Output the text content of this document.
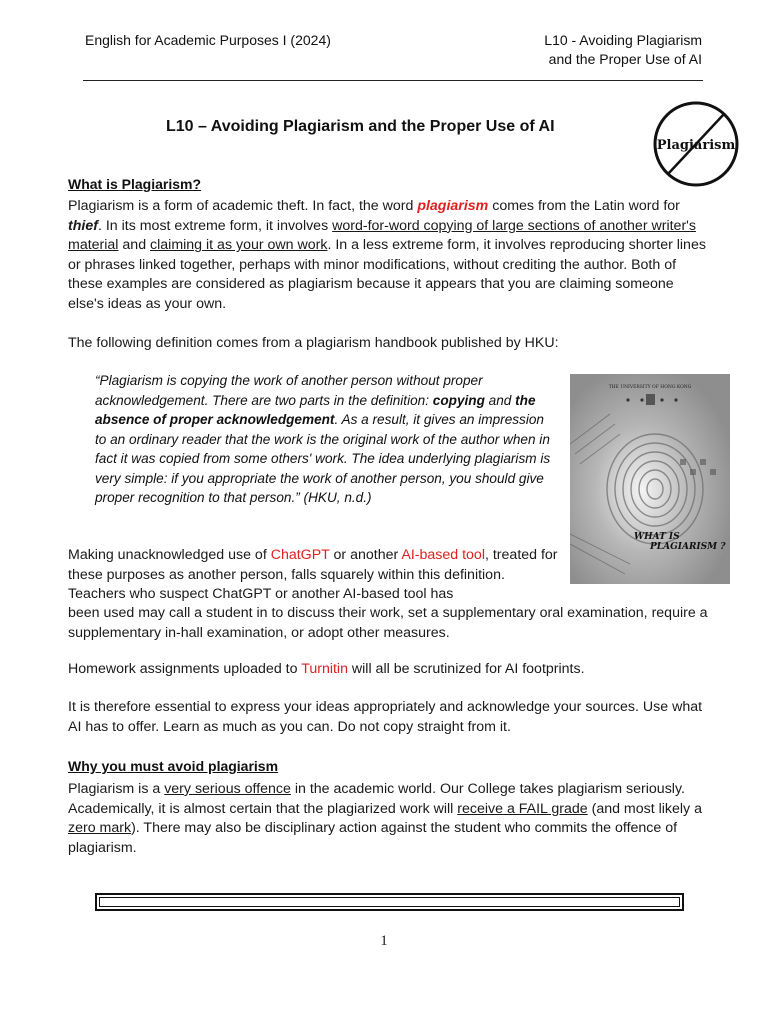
English for Academic Purposes I (2024)	L10 - Avoiding Plagiarism
and the Proper Use of AI
L10 – Avoiding Plagiarism and the Proper Use of AI
Plagiarism
What is Plagiarism?
Plagiarism is a form of academic theft. In fact, the word plagiarism comes from the Latin word for thief. In its most extreme form, it involves word-for-word copying of large sections of another writer's material and claiming it as your own work. In a less extreme form, it involves reproducing shorter lines or phrases linked together, perhaps with minor modifications, without crediting the author. Both of these examples are considered as plagiarism because it appears that you are claiming someone else's ideas as your own.
The following definition comes from a plagiarism handbook published by HKU:
“Plagiarism is copying the work of another person without proper acknowledgement. There are two parts in the definition: copying and the absence of proper acknowledgement. As a result, it gives an impression to an ordinary reader that the work is the original work of the author when in fact it was copied from some others' work. The idea underlying plagiarism is very simple: if you appropriate the work of another person, you should give proper recognition to that person.” (HKU, n.d.)
THE UNIVERSITY OF HONG KONG
WHAT IS
PLAGIARISM ?
Making unacknowledged use of ChatGPT or another AI-based tool, treated for these purposes as another person, falls squarely within this definition. Teachers who suspect ChatGPT or another AI-based tool has
been used may call a student in to discuss their work, set a supplementary oral examination, require a supplementary in-hall examination, or adopt other measures.
Homework assignments uploaded to Turnitin will all be scrutinized for AI footprints.
It is therefore essential to express your ideas appropriately and acknowledge your sources. Use what AI has to offer. Learn as much as you can. Do not copy straight from it.
Why you must avoid plagiarism
Plagiarism is a very serious offence in the academic world. Our College takes plagiarism seriously. Academically, it is almost certain that the plagiarized work will receive a FAIL grade (and most likely a zero mark). There may also be disciplinary action against the student who commits the offence of plagiarism.
1
